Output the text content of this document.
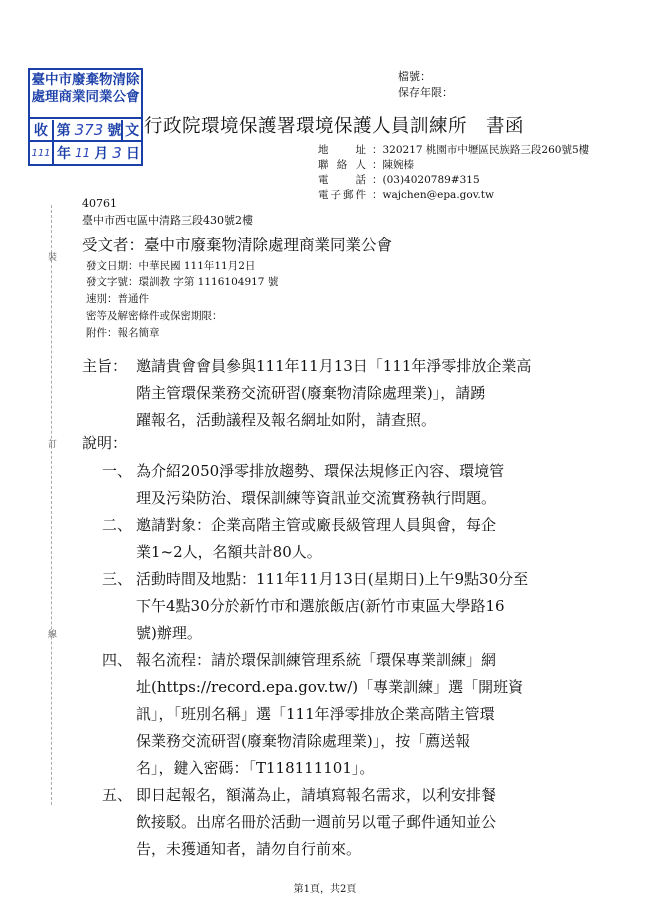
檔號：
保存年限：
臺中市廢棄物清除
處理商業同業公會
收 第 373 號 文
111 年 11 月 3 日
行政院環境保護署環境保護人員訓練所　書函
地址 ：320217 桃園市中壢區民族路三段260號5樓
聯絡人 ：陳婉榛
電話 ：(03)4020789#315
電子郵件 ：wajchen@epa.gov.tw
40761
臺中市西屯區中清路三段430號2樓
受文者：臺中市廢棄物清除處理商業同業公會
發文日期：中華民國 111年11月2日
發文字號：環訓教 字第 1116104917 號
速別：普通件
密等及解密條件或保密期限：
附件：報名簡章
主旨： 邀請貴會會員參與111年11月13日「111年淨零排放企業高
階主管環保業務交流研習(廢棄物清除處理業)」，請踴
躍報名，活動議程及報名網址如附，請查照。
說明：
一、 為介紹2050淨零排放趨勢、環保法規修正內容、環境管
理及污染防治、環保訓練等資訊並交流實務執行問題。
二、 邀請對象：企業高階主管或廠長級管理人員與會，每企
業1~2人，名額共計80人。
三、 活動時間及地點：111年11月13日(星期日)上午9點30分至
下午4點30分於新竹市和選旅飯店(新竹市東區大學路16
號)辦理。
四、 報名流程：請於環保訓練管理系統「環保專業訓練」網
址(https://record.epa.gov.tw/)「專業訓練」選「開班資
訊」，「班別名稱」選「111年淨零排放企業高階主管環
保業務交流研習(廢棄物清除處理業)」，按「薦送報
名」，鍵入密碼：「T118111101」。
五、 即日起報名，額滿為止，請填寫報名需求，以利安排餐
飲接駁。出席名冊於活動一週前另以電子郵件通知並公
告，未獲通知者，請勿自行前來。
裝
訂
線
第1頁，共2頁
